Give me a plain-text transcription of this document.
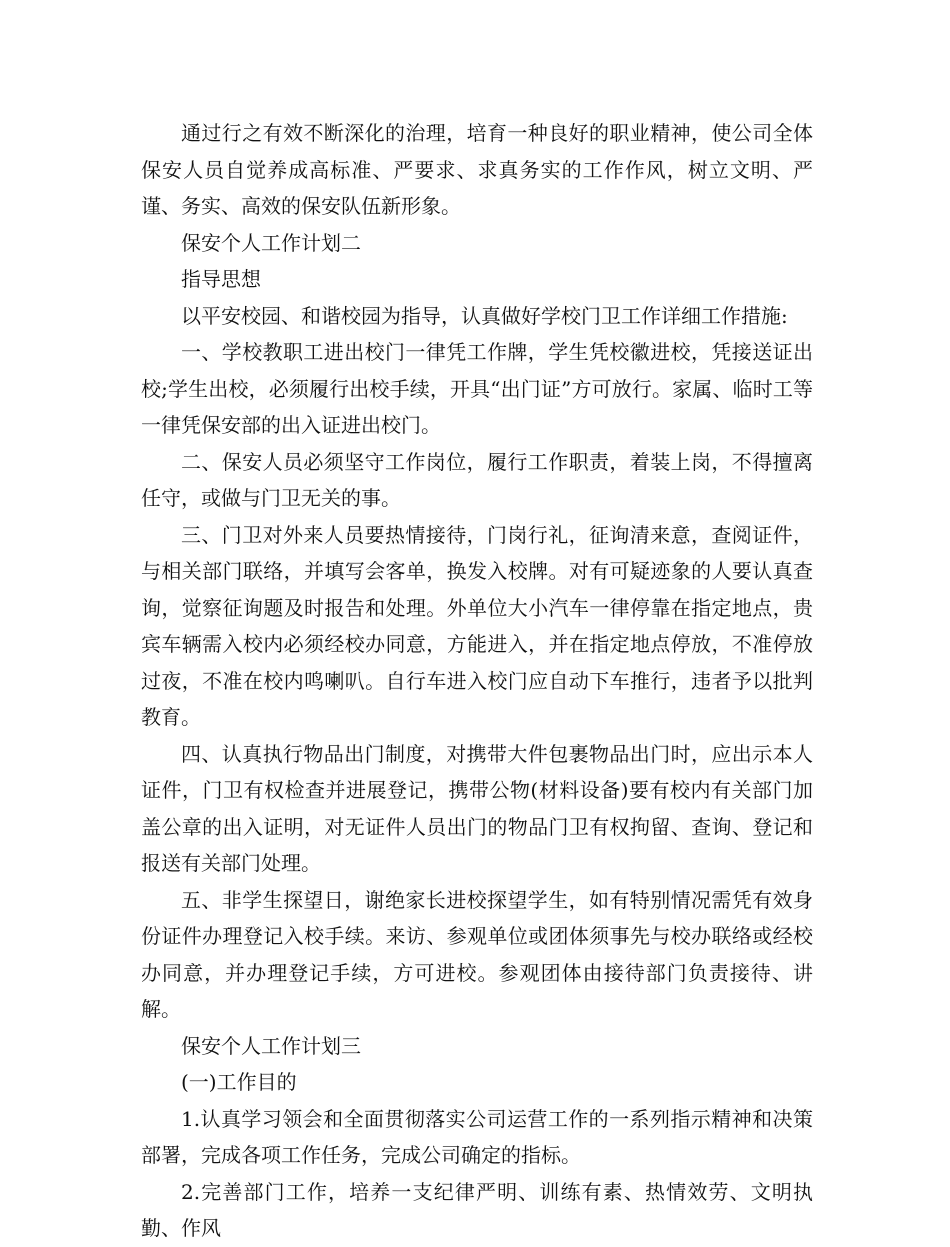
通过行之有效不断深化的治理，培育一种良好的职业精神，使公司全体保安人员自觉养成高标准、严要求、求真务实的工作作风，树立文明、严谨、务实、高效的保安队伍新形象。

保安个人工作计划二

指导思想

以平安校园、和谐校园为指导，认真做好学校门卫工作详细工作措施:

一、学校教职工进出校门一律凭工作牌，学生凭校徽进校，凭接送证出校;学生出校，必须履行出校手续，开具“出门证”方可放行。家属、临时工等一律凭保安部的出入证进出校门。

二、保安人员必须坚守工作岗位，履行工作职责，着装上岗，不得擅离任守，或做与门卫无关的事。

三、门卫对外来人员要热情接待，门岗行礼，征询清来意，查阅证件，与相关部门联络，并填写会客单，换发入校牌。对有可疑迹象的人要认真查询，觉察征询题及时报告和处理。外单位大小汽车一律停靠在指定地点，贵宾车辆需入校内必须经校办同意，方能进入，并在指定地点停放，不准停放过夜，不准在校内鸣喇叭。自行车进入校门应自动下车推行，违者予以批判教育。

四、认真执行物品出门制度，对携带大件包裹物品出门时，应出示本人证件，门卫有权检查并进展登记，携带公物(材料设备)要有校内有关部门加盖公章的出入证明，对无证件人员出门的物品门卫有权拘留、查询、登记和报送有关部门处理。

五、非学生探望日，谢绝家长进校探望学生，如有特别情况需凭有效身份证件办理登记入校手续。来访、参观单位或团体须事先与校办联络或经校办同意，并办理登记手续，方可进校。参观团体由接待部门负责接待、讲解。

保安个人工作计划三

(一)工作目的

1.认真学习领会和全面贯彻落实公司运营工作的一系列指示精神和决策部署，完成各项工作任务，完成公司确定的指标。

2.完善部门工作，培养一支纪律严明、训练有素、热情效劳、文明执勤、作风
